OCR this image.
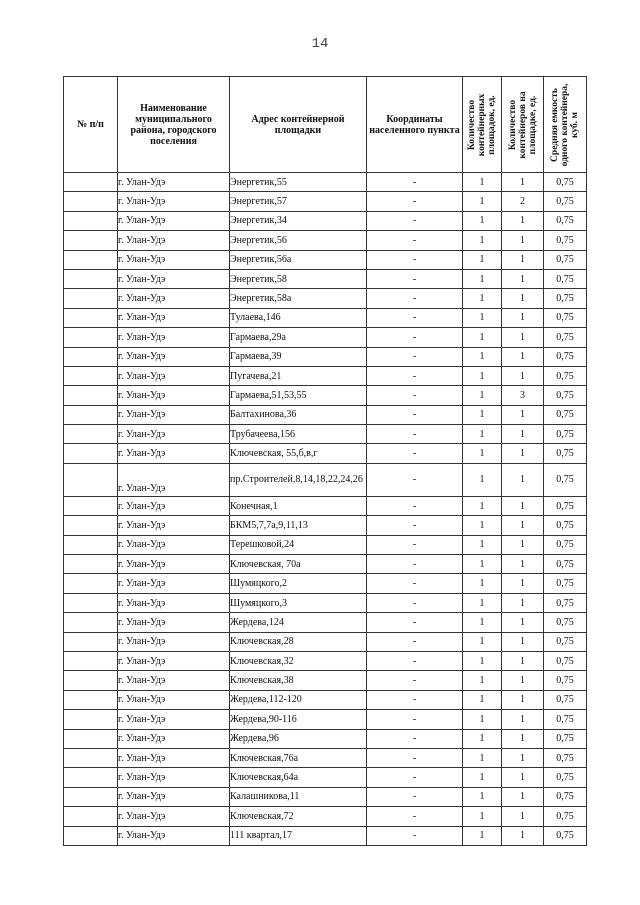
14
№ п/п	Наименование муниципального района, городского поселения	Адрес контейнерной площадки	Координаты населенного пункта	Количество контейнерных площадок, ед.	Количество контейнеров на площадке, ед.	Средняя емкость одного контейнера, куб. м

	г. Улан-Удэ	Энергетик,55	-	1	1	0,75
	г. Улан-Удэ	Энергетик,57	-	1	2	0,75
	г. Улан-Удэ	Энергетик,34	-	1	1	0,75
	г. Улан-Удэ	Энергетик,56	-	1	1	0,75
	г. Улан-Удэ	Энергетик,56а	-	1	1	0,75
	г. Улан-Удэ	Энергетик,58	-	1	1	0,75
	г. Улан-Удэ	Энергетик,58а	-	1	1	0,75
	г. Улан-Удэ	Тулаева,146	-	1	1	0,75
	г. Улан-Удэ	Гармаева,29а	-	1	1	0,75
	г. Улан-Удэ	Гармаева,39	-	1	1	0,75
	г. Улан-Удэ	Пугачева,21	-	1	1	0,75
	г. Улан-Удэ	Гармаева,51,53,55	-	1	3	0,75
	г. Улан-Удэ	Балтахинова,36	-	1	1	0,75
	г. Улан-Удэ	Трубачеева,156	-	1	1	0,75
	г. Улан-Удэ	Ключевская, 55,б,в,г	-	1	1	0,75
	г. Улан-Удэ	пр.Строителей,8,14,18,22,24,26	-	1	1	0,75
	г. Улан-Удэ	Конечная,1	-	1	1	0,75
	г. Улан-Удэ	БКМ5,7,7а,9,11,13	-	1	1	0,75
	г. Улан-Удэ	Терешковой,24	-	1	1	0,75
	г. Улан-Удэ	Ключевская, 70а	-	1	1	0,75
	г. Улан-Удэ	Шумяцкого,2	-	1	1	0,75
	г. Улан-Удэ	Шумяцкого,3	-	1	1	0,75
	г. Улан-Удэ	Жердева,124	-	1	1	0,75
	г. Улан-Удэ	Ключевская,28	-	1	1	0,75
	г. Улан-Удэ	Ключевская,32	-	1	1	0,75
	г. Улан-Удэ	Ключевская,38	-	1	1	0,75
	г. Улан-Удэ	Жердева,112-120	-	1	1	0,75
	г. Улан-Удэ	Жердева,90-116	-	1	1	0,75
	г. Улан-Удэ	Жердева,96	-	1	1	0,75
	г. Улан-Удэ	Ключевская,76а	-	1	1	0,75
	г. Улан-Удэ	Ключевская,64а	-	1	1	0,75
	г. Улан-Удэ	Калашникова,11	-	1	1	0,75
	г. Улан-Удэ	Ключевская,72	-	1	1	0,75
	г. Улан-Удэ	111 квартал,17	-	1	1	0,75
